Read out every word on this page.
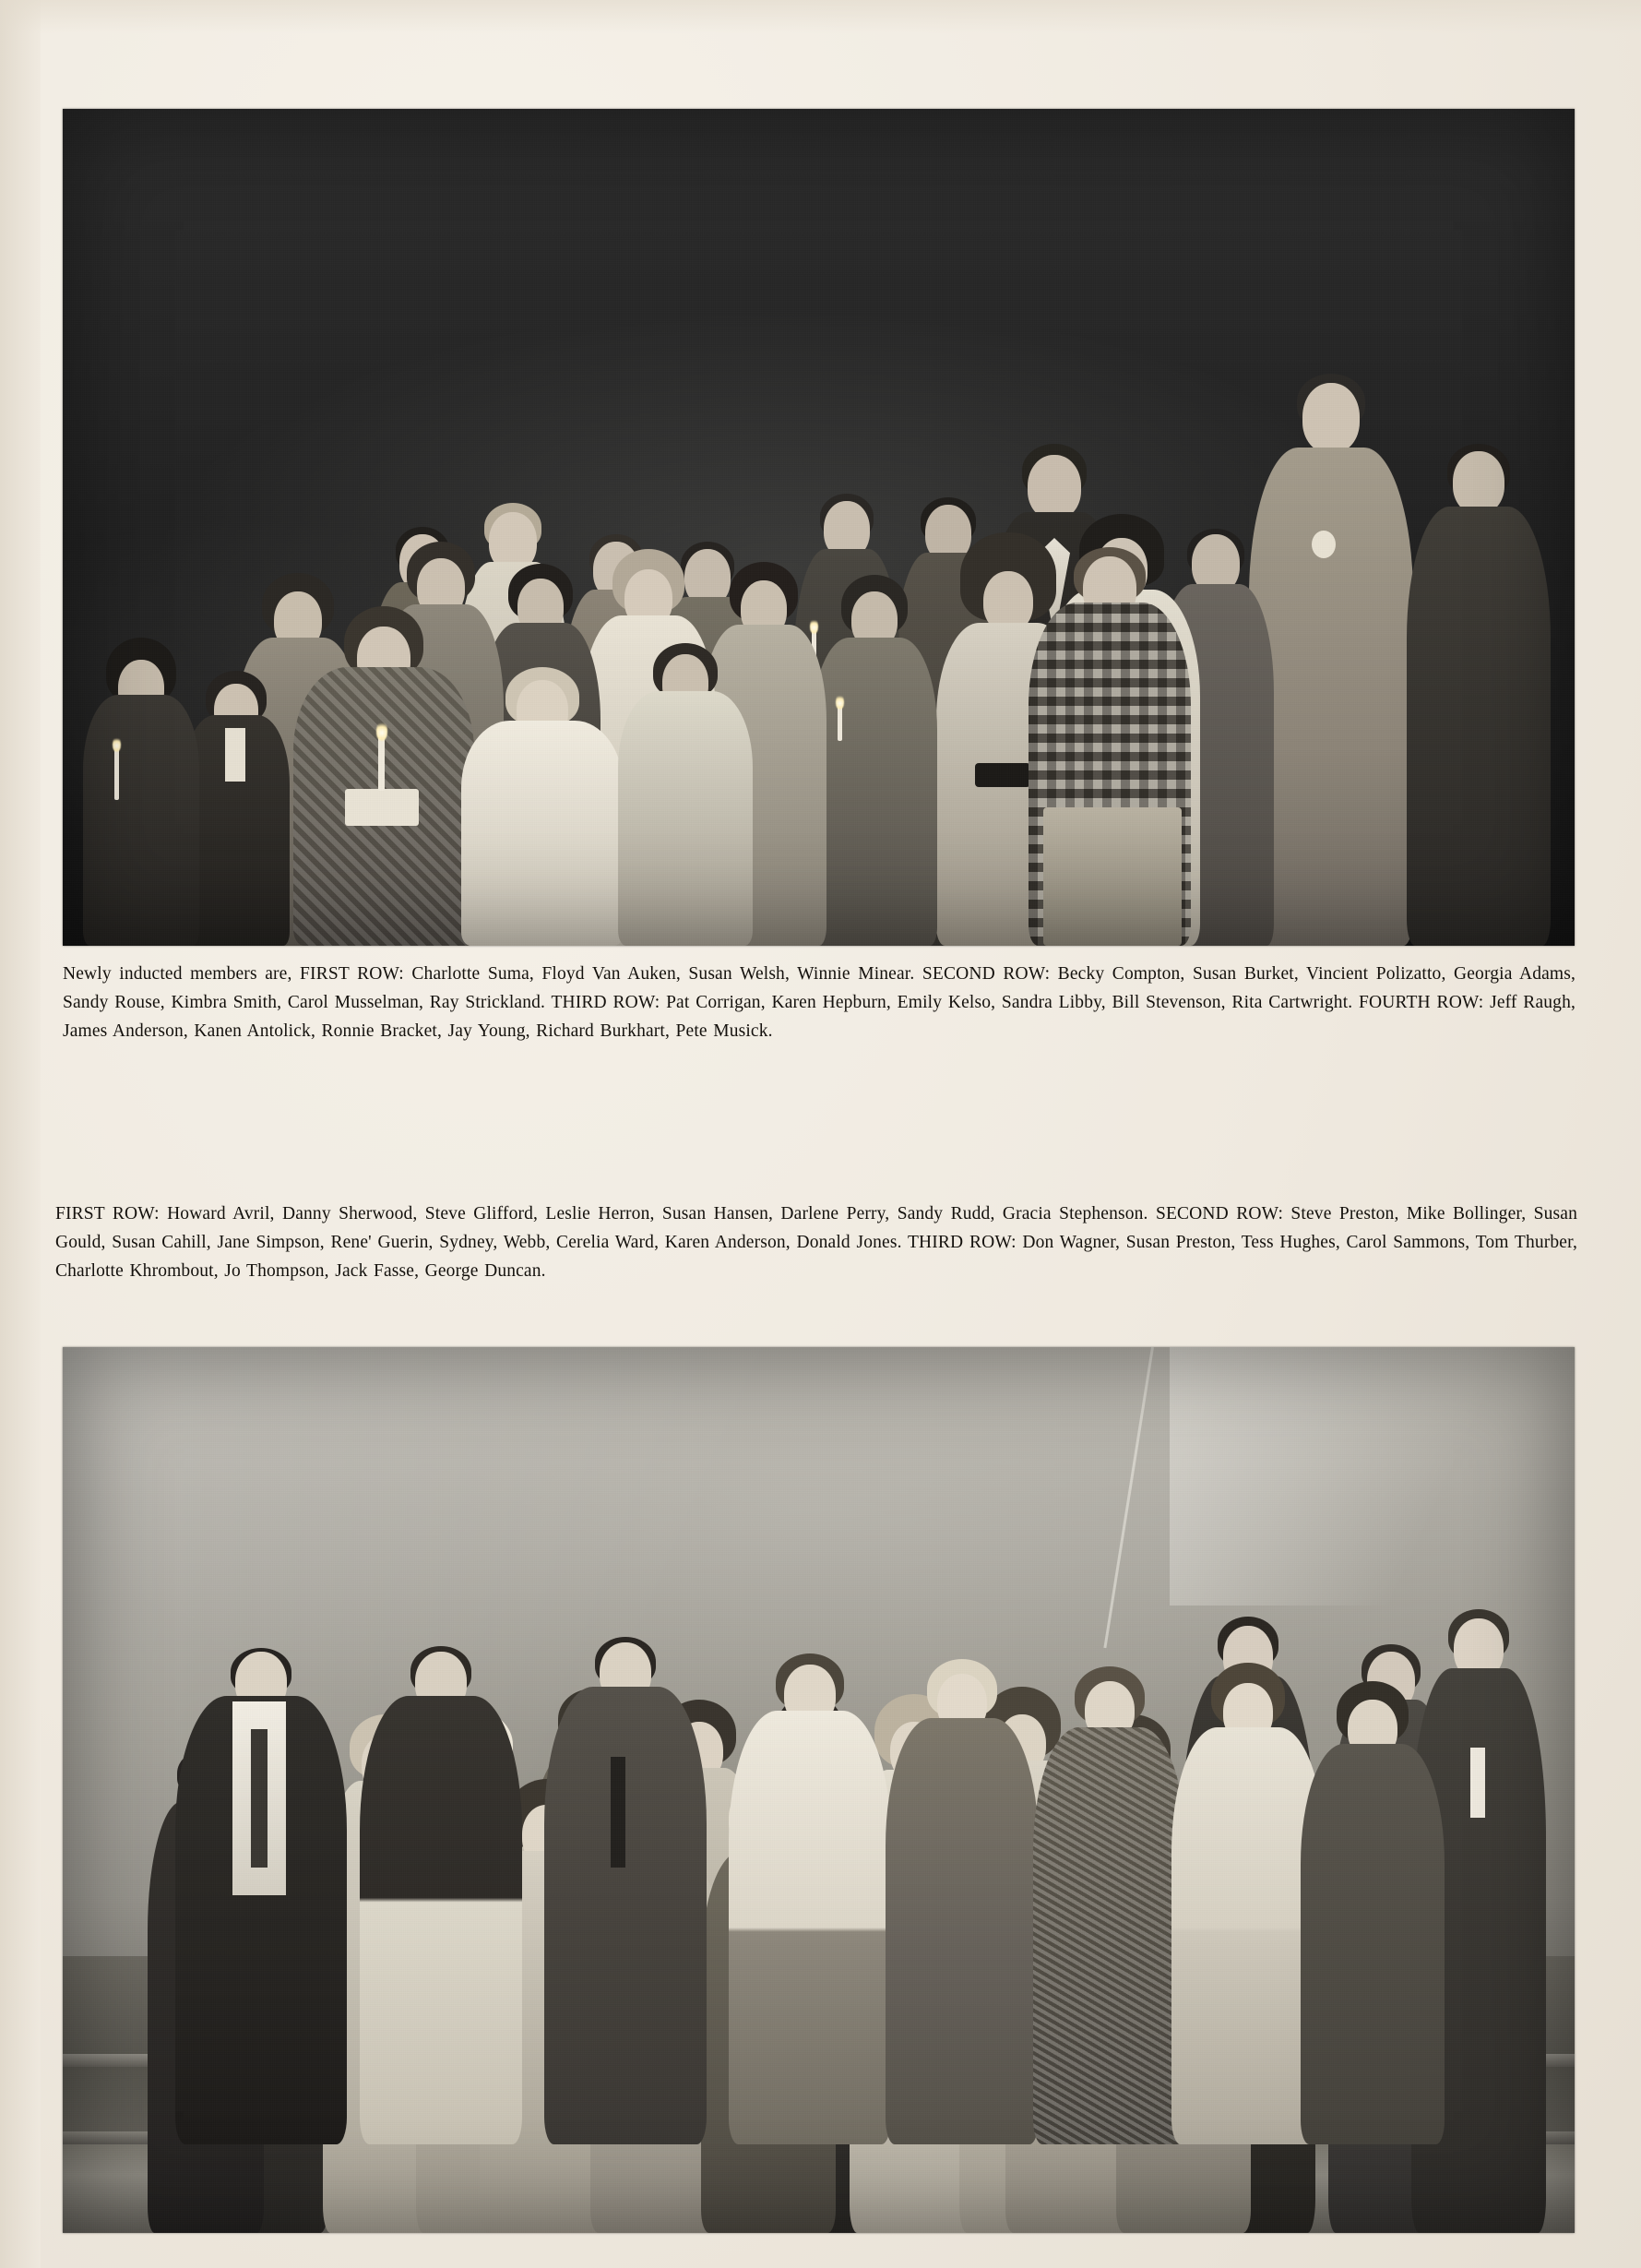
Newly inducted members are, FIRST ROW: Charlotte Suma, Floyd Van Auken, Susan Welsh, Winnie Minear. SECOND ROW: Becky Compton, Susan Burket, Vincient Polizatto, Georgia Adams, Sandy Rouse, Kimbra Smith, Carol Musselman, Ray Strickland. THIRD ROW: Pat Corrigan, Karen Hepburn, Emily Kelso, Sandra Libby, Bill Stevenson, Rita Cartwright. FOURTH ROW: Jeff Raugh, James Anderson, Kanen Antolick, Ronnie Bracket, Jay Young, Richard Burkhart, Pete Musick.

FIRST ROW: Howard Avril, Danny Sherwood, Steve Glifford, Leslie Herron, Susan Hansen, Darlene Perry, Sandy Rudd, Gracia Stephenson. SECOND ROW: Steve Preston, Mike Bollinger, Susan Gould, Susan Cahill, Jane Simpson, Rene' Guerin, Sydney, Webb, Cerelia Ward, Karen Anderson, Donald Jones. THIRD ROW: Don Wagner, Susan Preston, Tess Hughes, Carol Sammons, Tom Thurber, Charlotte Khrombout, Jo Thompson, Jack Fasse, George Duncan.
